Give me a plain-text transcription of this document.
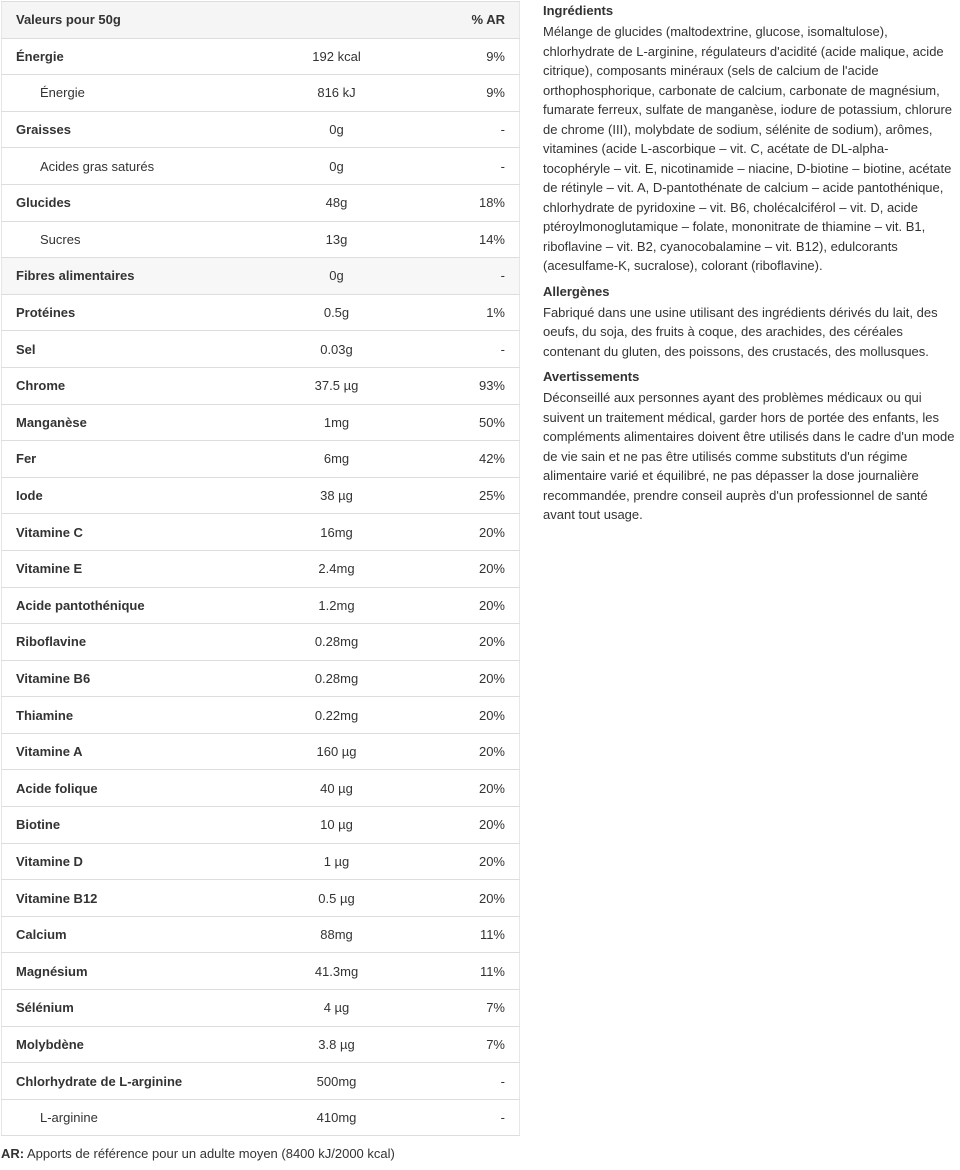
Valeurs pour 50g		% AR
Énergie	192 kcal	9%
Énergie	816 kJ	9%
Graisses	0g	-
Acides gras saturés	0g	-
Glucides	48g	18%
Sucres	13g	14%
Fibres alimentaires	0g	-
Protéines	0.5g	1%
Sel	0.03g	-
Chrome	37.5 µg	93%
Manganèse	1mg	50%
Fer	6mg	42%
Iode	38 µg	25%
Vitamine C	16mg	20%
Vitamine E	2.4mg	20%
Acide pantothénique	1.2mg	20%
Riboflavine	0.28mg	20%
Vitamine B6	0.28mg	20%
Thiamine	0.22mg	20%
Vitamine A	160 µg	20%
Acide folique	40 µg	20%
Biotine	10 µg	20%
Vitamine D	1 µg	20%
Vitamine B12	0.5 µg	20%
Calcium	88mg	11%
Magnésium	41.3mg	11%
Sélénium	4 µg	7%
Molybdène	3.8 µg	7%
Chlorhydrate de L-arginine	500mg	-
L-arginine	410mg	-
AR: Apports de référence pour un adulte moyen (8400 kJ/2000 kcal)
Ingrédients
Mélange de glucides (maltodextrine, glucose, isomaltulose), chlorhydrate de L-arginine, régulateurs d'acidité (acide malique, acide citrique), composants minéraux (sels de calcium de l'acide orthophosphorique, carbonate de calcium, carbonate de magnésium, fumarate ferreux, sulfate de manganèse, iodure de potassium, chlorure de chrome (III), molybdate de sodium, sélénite de sodium), arômes, vitamines (acide L-ascorbique – vit. C, acétate de DL-alpha-tocophéryle – vit. E, nicotinamide – niacine, D-biotine – biotine, acétate de rétinyle – vit. A, D-pantothénate de calcium – acide pantothénique, chlorhydrate de pyridoxine – vit. B6, cholécalciférol – vit. D, acide ptéroylmonoglutamique – folate, mononitrate de thiamine – vit. B1, riboflavine – vit. B2, cyanocobalamine – vit. B12), edulcorants (acesulfame-K, sucralose), colorant (riboflavine).
Allergènes
Fabriqué dans une usine utilisant des ingrédients dérivés du lait, des oeufs, du soja, des fruits à coque, des arachides, des céréales contenant du gluten, des poissons, des crustacés, des mollusques.
Avertissements
Déconseillé aux personnes ayant des problèmes médicaux ou qui suivent un traitement médical, garder hors de portée des enfants, les compléments alimentaires doivent être utilisés dans le cadre d'un mode de vie sain et ne pas être utilisés comme substituts d'un régime alimentaire varié et équilibré, ne pas dépasser la dose journalière recommandée, prendre conseil auprès d'un professionnel de santé avant tout usage.
